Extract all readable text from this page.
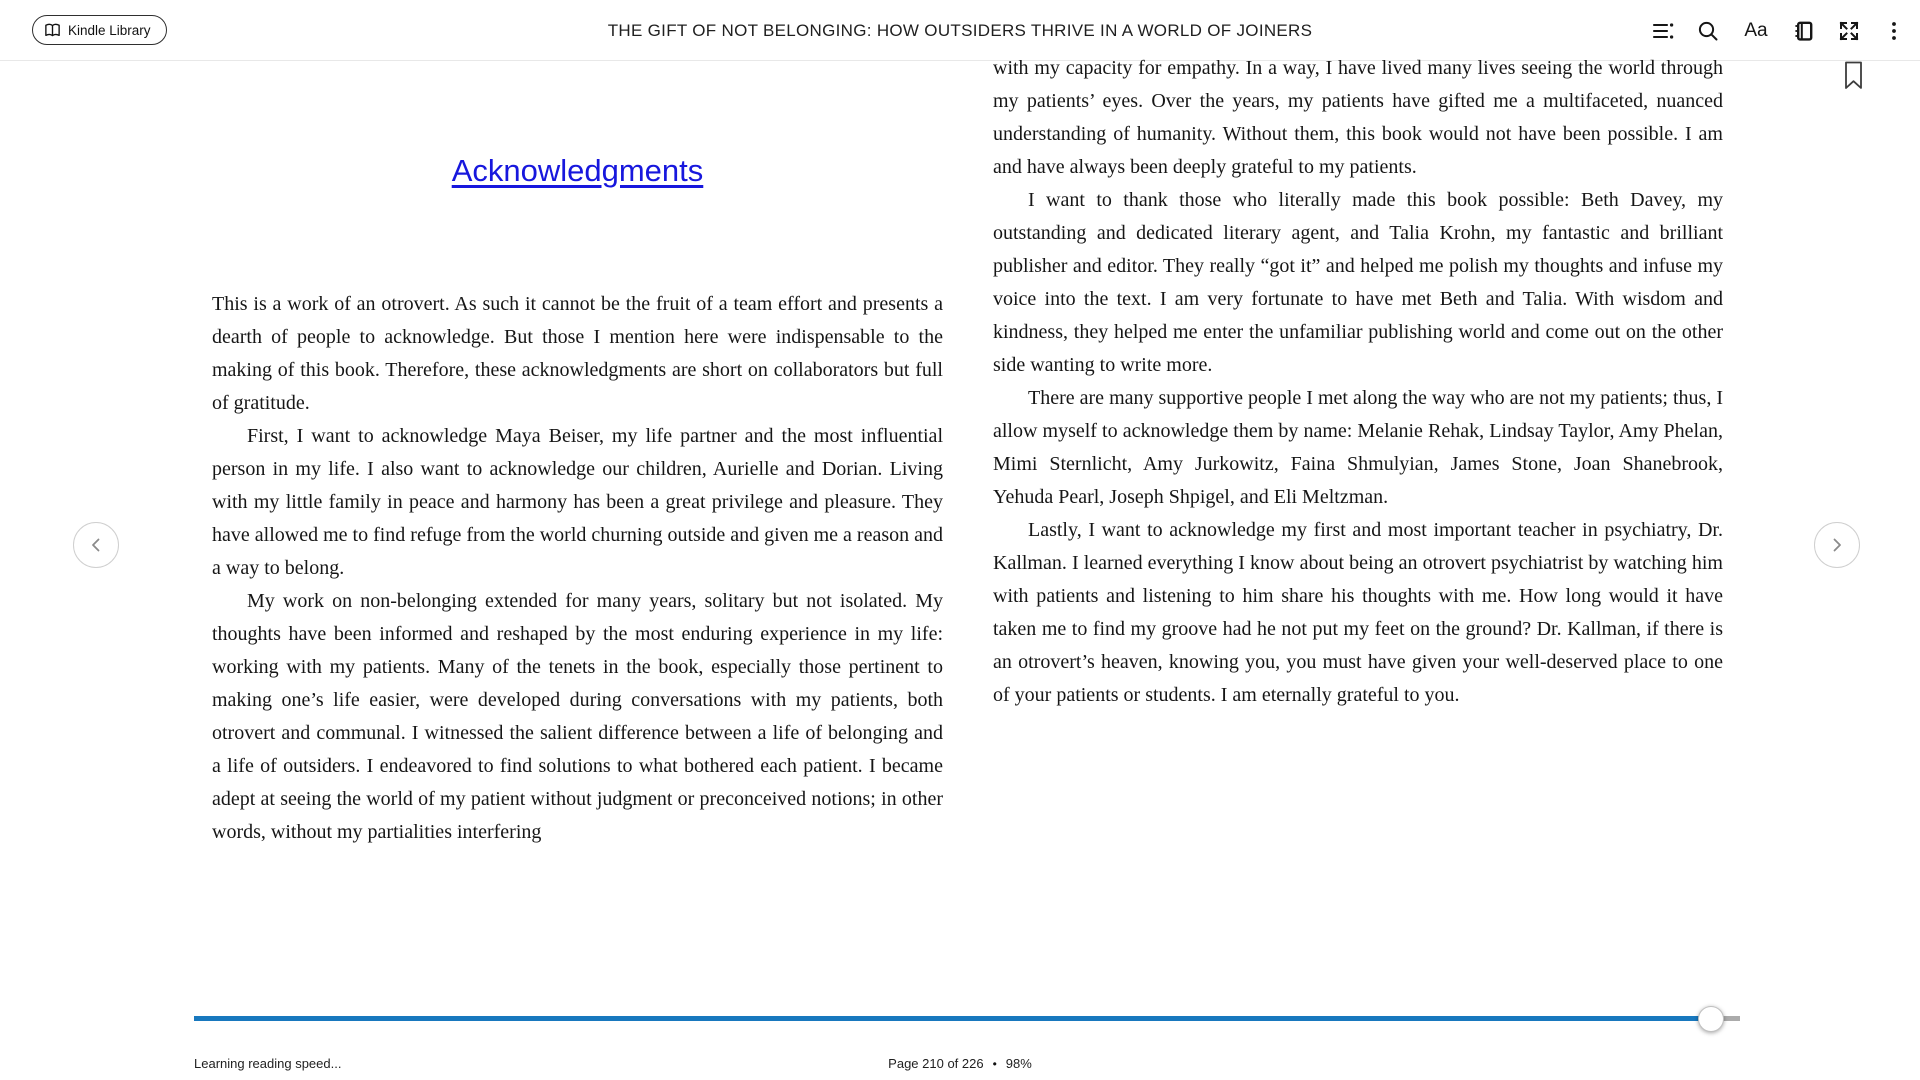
Kindle Library	THE GIFT OF NOT BELONGING: HOW OUTSIDERS THRIVE IN A WORLD OF JOINERS	Aa
Acknowledgments

This is a work of an otrovert. As such it cannot be the fruit of a team effort and presents a dearth of people to acknowledge. But those I mention here were indispensable to the making of this book. Therefore, these acknowledgments are short on collaborators but full of gratitude.

First, I want to acknowledge Maya Beiser, my life partner and the most influential person in my life. I also want to acknowledge our children, Aurielle and Dorian. Living with my little family in peace and harmony has been a great privilege and pleasure. They have allowed me to find refuge from the world churning outside and given me a reason and a way to belong.

My work on non-belonging extended for many years, solitary but not isolated. My thoughts have been informed and reshaped by the most enduring experience in my life: working with my patients. Many of the tenets in the book, especially those pertinent to making one’s life easier, were developed during conversations with my patients, both otrovert and communal. I witnessed the salient difference between a life of belonging and a life of outsiders. I endeavored to find solutions to what bothered each patient. I became adept at seeing the world of my patient without judgment or preconceived notions; in other words, without my partialities interfering

with my capacity for empathy. In a way, I have lived many lives seeing the world through my patients’ eyes. Over the years, my patients have gifted me a multifaceted, nuanced understanding of humanity. Without them, this book would not have been possible. I am and have always been deeply grateful to my patients.

I want to thank those who literally made this book possible: Beth Davey, my outstanding and dedicated literary agent, and Talia Krohn, my fantastic and brilliant publisher and editor. They really “got it” and helped me polish my thoughts and infuse my voice into the text. I am very fortunate to have met Beth and Talia. With wisdom and kindness, they helped me enter the unfamiliar publishing world and come out on the other side wanting to write more.

There are many supportive people I met along the way who are not my patients; thus, I allow myself to acknowledge them by name: Melanie Rehak, Lindsay Taylor, Amy Phelan, Mimi Sternlicht, Amy Jurkowitz, Faina Shmulyian, James Stone, Joan Shanebrook, Yehuda Pearl, Joseph Shpigel, and Eli Meltzman.

Lastly, I want to acknowledge my first and most important teacher in psychiatry, Dr. Kallman. I learned everything I know about being an otrovert psychiatrist by watching him with patients and listening to him share his thoughts with me. How long would it have taken me to find my groove had he not put my feet on the ground? Dr. Kallman, if there is an otrovert’s heaven, knowing you, you must have given your well-deserved place to one of your patients or students. I am eternally grateful to you.

Learning reading speed...	Page 210 of 226 • 98%
